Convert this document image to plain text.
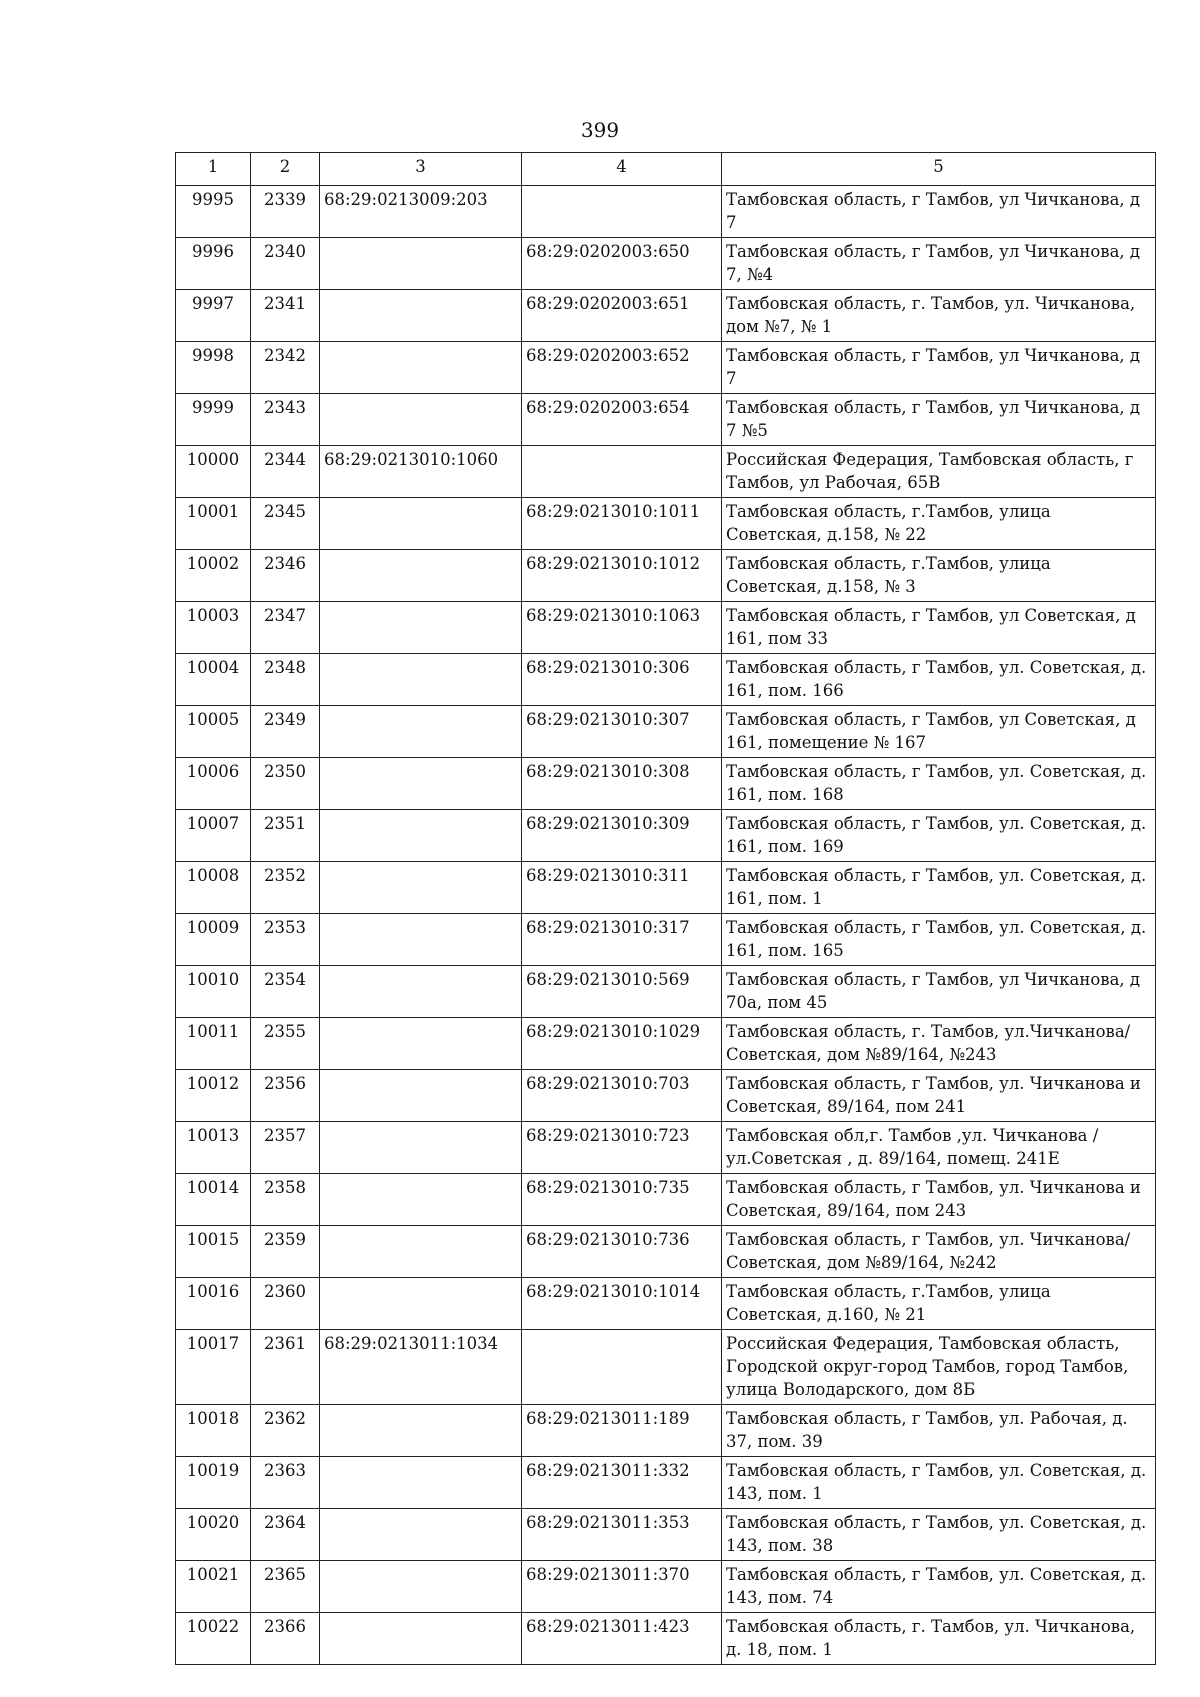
399
1	2	3	4	5
9995	2339	68:29:0213009:203		Тамбовская область, г Тамбов, ул Чичканова, д 7
9996	2340		68:29:0202003:650	Тамбовская область, г Тамбов, ул Чичканова, д 7, №4
9997	2341		68:29:0202003:651	Тамбовская область, г. Тамбов, ул. Чичканова, дом №7, № 1
9998	2342		68:29:0202003:652	Тамбовская область, г Тамбов, ул Чичканова, д 7
9999	2343		68:29:0202003:654	Тамбовская область, г Тамбов, ул Чичканова, д 7 №5
10000	2344	68:29:0213010:1060		Российская Федерация, Тамбовская область, г Тамбов, ул Рабочая, 65В
10001	2345		68:29:0213010:1011	Тамбовская область, г.Тамбов, улица Советская, д.158, № 22
10002	2346		68:29:0213010:1012	Тамбовская область, г.Тамбов, улица Советская, д.158, № 3
10003	2347		68:29:0213010:1063	Тамбовская область, г Тамбов, ул Советская, д 161, пом 33
10004	2348		68:29:0213010:306	Тамбовская область, г Тамбов, ул. Советская, д. 161, пом. 166
10005	2349		68:29:0213010:307	Тамбовская область, г Тамбов, ул Советская, д 161, помещение № 167
10006	2350		68:29:0213010:308	Тамбовская область, г Тамбов, ул. Советская, д. 161, пом. 168
10007	2351		68:29:0213010:309	Тамбовская область, г Тамбов, ул. Советская, д. 161, пом. 169
10008	2352		68:29:0213010:311	Тамбовская область, г Тамбов, ул. Советская, д. 161, пом. 1
10009	2353		68:29:0213010:317	Тамбовская область, г Тамбов, ул. Советская, д. 161, пом. 165
10010	2354		68:29:0213010:569	Тамбовская область, г Тамбов, ул Чичканова, д 70а, пом 45
10011	2355		68:29:0213010:1029	Тамбовская область, г. Тамбов, ул.Чичканова/Советская, дом №89/164, №243
10012	2356		68:29:0213010:703	Тамбовская область, г Тамбов, ул. Чичканова и Советская, 89/164, пом 241
10013	2357		68:29:0213010:723	Тамбовская обл,г. Тамбов ,ул. Чичканова /ул.Советская , д. 89/164, помещ. 241Е
10014	2358		68:29:0213010:735	Тамбовская область, г Тамбов, ул. Чичканова и Советская, 89/164, пом 243
10015	2359		68:29:0213010:736	Тамбовская область, г Тамбов, ул. Чичканова/Советская, дом №89/164, №242
10016	2360		68:29:0213010:1014	Тамбовская область, г.Тамбов, улица Советская, д.160, № 21
10017	2361	68:29:0213011:1034		Российская Федерация, Тамбовская область, Городской округ-город Тамбов, город Тамбов, улица Володарского, дом 8Б
10018	2362		68:29:0213011:189	Тамбовская область, г Тамбов, ул. Рабочая, д. 37, пом. 39
10019	2363		68:29:0213011:332	Тамбовская область, г Тамбов, ул. Советская, д. 143, пом. 1
10020	2364		68:29:0213011:353	Тамбовская область, г Тамбов, ул. Советская, д. 143, пом. 38
10021	2365		68:29:0213011:370	Тамбовская область, г Тамбов, ул. Советская, д. 143, пом. 74
10022	2366		68:29:0213011:423	Тамбовская область, г. Тамбов, ул. Чичканова, д. 18, пом. 1
